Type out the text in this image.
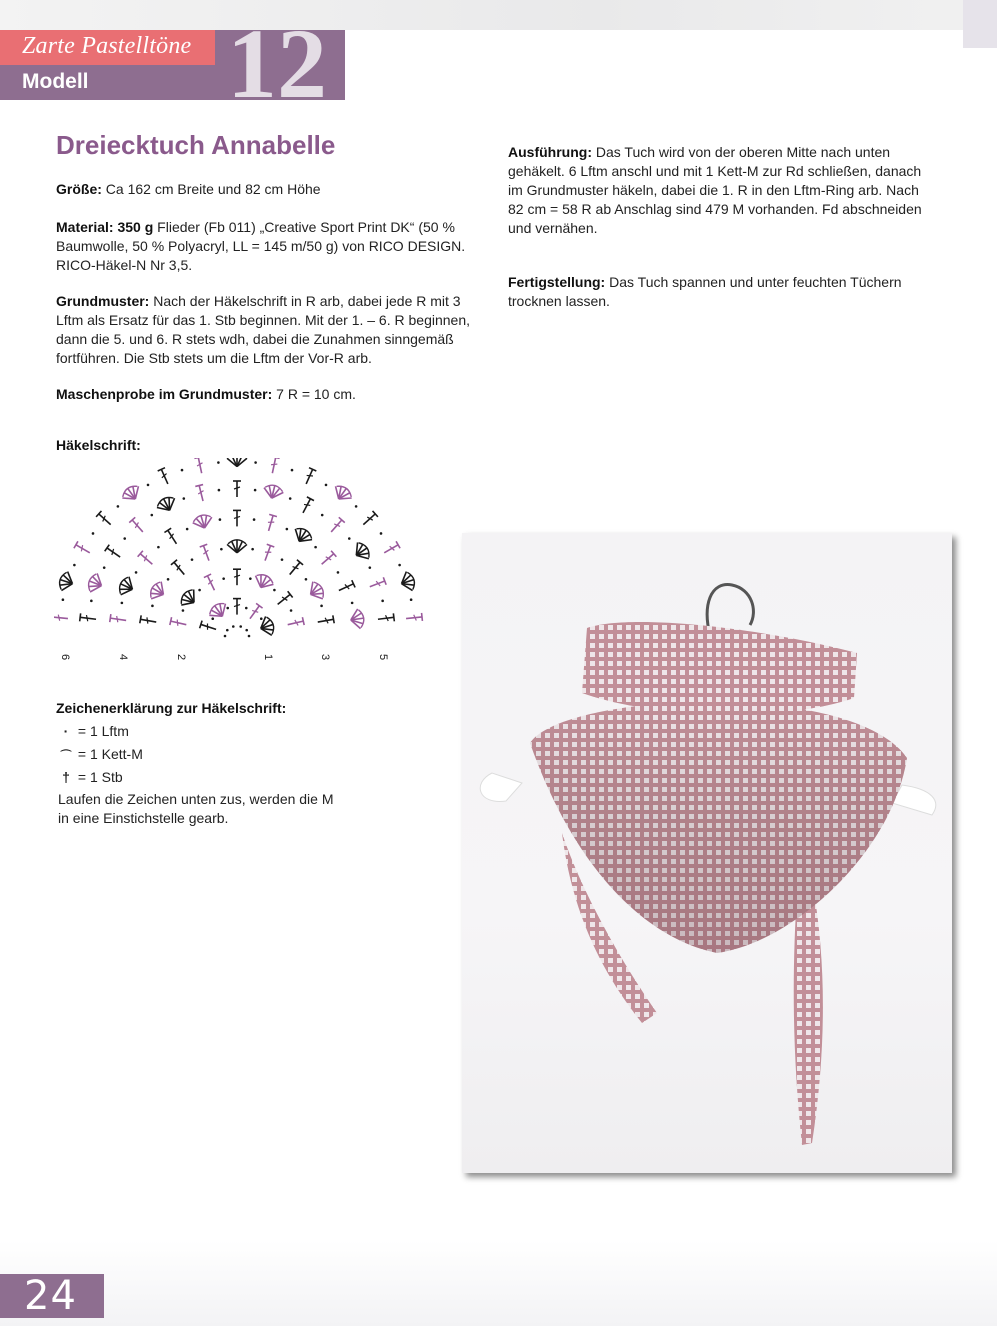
12
Zarte Pastelltöne
Modell
Dreiecktuch Annabelle
Größe: Ca 162 cm Breite und 82 cm Höhe
Material: 350 g Flieder (Fb 011) „Creative Sport Print DK“ (50 % Baumwolle, 50 % Polyacryl, LL = 145 m/50 g) von RICO DESIGN. RICO-Häkel-N Nr 3,5.
Grundmuster: Nach der Häkelschrift in R arb, dabei jede R mit 3 Lftm als Ersatz für das 1. Stb beginnen. Mit der 1. – 6. R beginnen, dann die 5. und 6. R stets wdh, dabei die Zunahmen sinngemäß fortführen. Die Stb stets um die Lftm der Vor-R arb.
Maschenprobe im Grundmuster: 7 R = 10 cm.
Häkelschrift:
6	4	2	1	3	5
Zeichenerklärung zur Häkelschrift:
· = 1 Lftm
⌒ = 1 Kett-M
† = 1 Stb
Laufen die Zeichen unten zus, werden die M in eine Einstichstelle gearb.
Ausführung: Das Tuch wird von der oberen Mitte nach unten gehäkelt. 6 Lftm anschl und mit 1 Kett-M zur Rd schließen, danach im Grundmuster häkeln, dabei die 1. R in den Lftm-Ring arb. Nach 82 cm = 58 R ab Anschlag sind 479 M vorhanden. Fd abschneiden und vernähen.
Fertigstellung: Das Tuch spannen und unter feuchten Tüchern trocknen lassen.
24
